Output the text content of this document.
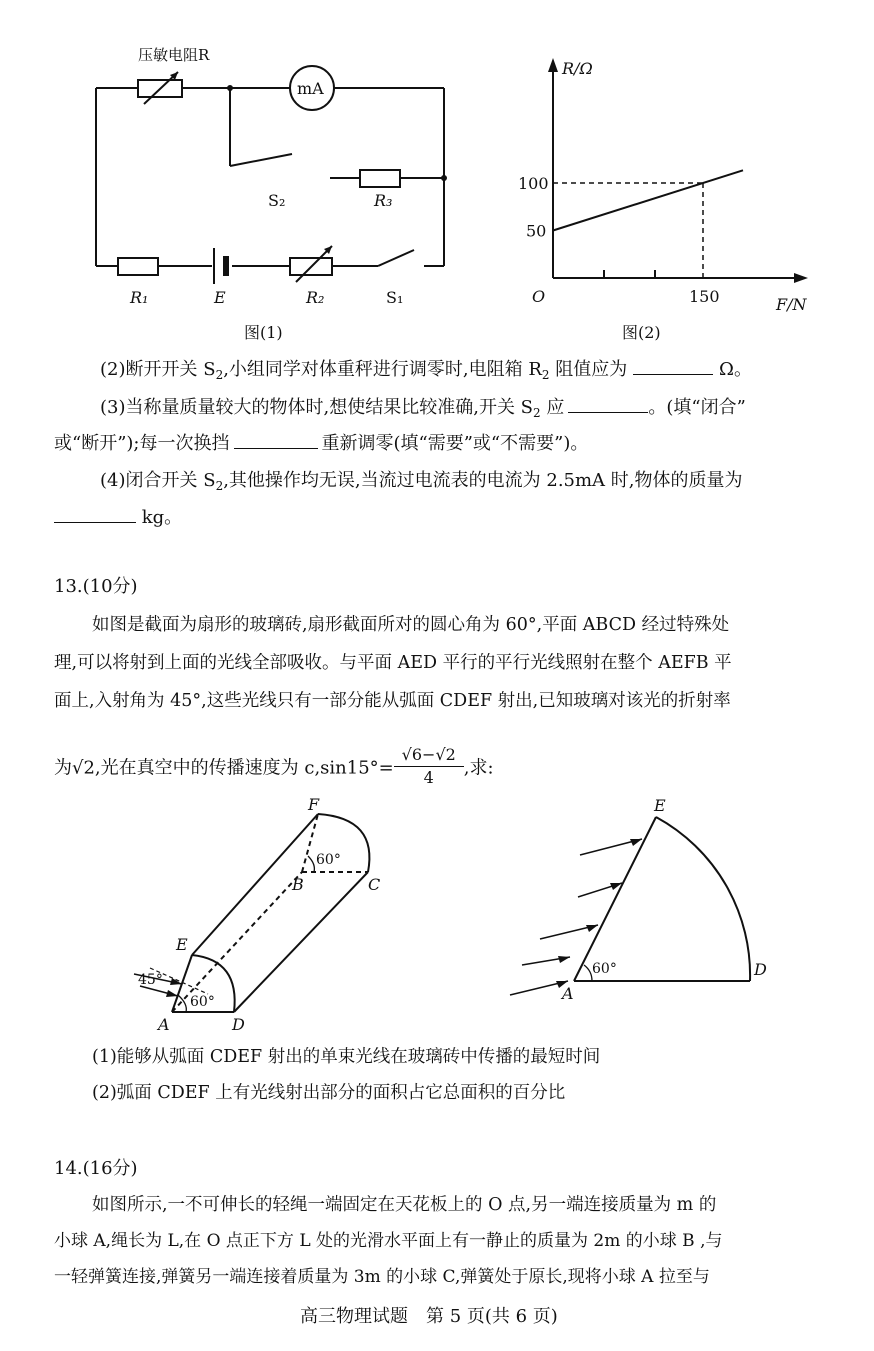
压敏电阻R
mA
S₂	R₃
R₁	E	R₂	S₁
图(1)
R/Ω
100
50
150
O	F/N
图(2)
(2)断开开关 $S_2$,小组同学对体重秤进行调零时,电阻箱 $R_2$ 阻值应为	Ω。
(3)当称量质量较大的物体时,想使结果比较准确,开关 $S_2$ 应	。(填“闭合”
或“断开”);每一次换挡	重新调零(填“需要”或“不需要”)。
(4)闭合开关 $S_2$,其他操作均无误,当流过电流表的电流为 2.5mA 时,物体的质量为
kg。
13.(10分)
如图是截面为扇形的玻璃砖,扇形截面所对的圆心角为 60°,平面 ABCD 经过特殊处
理,可以将射到上面的光线全部吸收。与平面 AED 平行的平行光线照射在整个 AEFB 平
面上,入射角为 45°,这些光线只有一部分能从弧面 CDEF 射出,已知玻璃对该光的折射率
为√2,光在真空中的传播速度为 $c,\sin 15^\circ= \frac{√6-√2}{4}$ ,求:
F
B	C
E
A	D
60°
60°
45°
E
A
D
60°
(1)能够从弧面 CDEF 射出的单束光线在玻璃砖中传播的最短时间
(2)弧面 CDEF 上有光线射出部分的面积占它总面积的百分比
14.(16分)
如图所示,一不可伸长的轻绳一端固定在天花板上的 O 点,另一端连接质量为 m 的
小球 A,绳长为 L,在 O 点正下方 L 处的光滑水平面上有一静止的质量为 2m 的小球 B ,与
一轻弹簧连接,弹簧另一端连接着质量为 3m 的小球 C,弹簧处于原长,现将小球 A 拉至与
高三物理试题　第 5 页(共 6 页)
